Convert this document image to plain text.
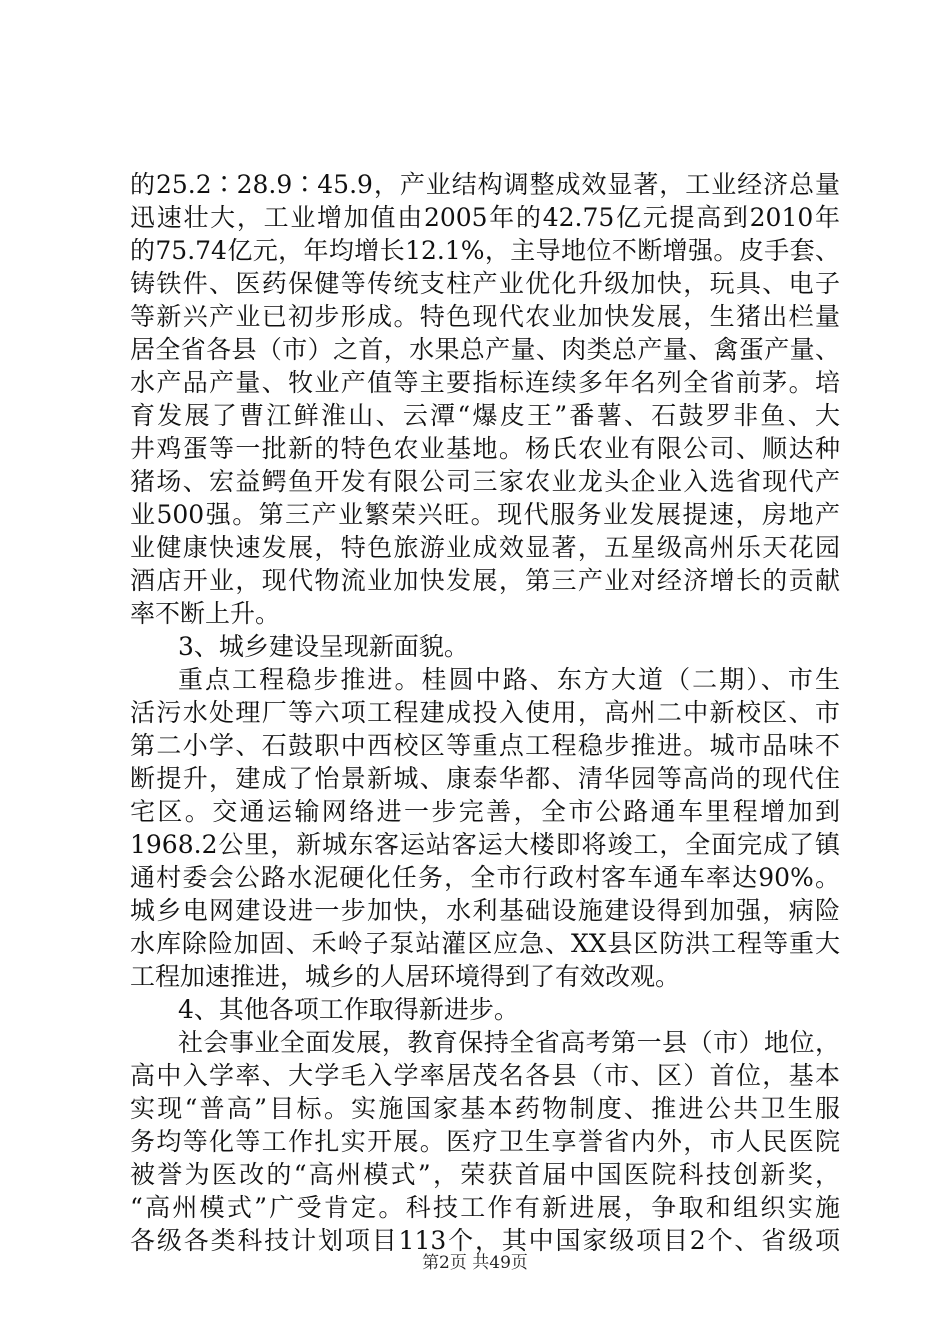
的25.2∶28.9∶45.9，产业结构调整成效显著，工业经济总量
迅速壮大，工业增加值由2005年的42.75亿元提高到2010年
的75.74亿元，年均增长12.1%，主导地位不断增强。皮手套、
铸铁件、医药保健等传统支柱产业优化升级加快，玩具、电子
等新兴产业已初步形成。特色现代农业加快发展，生猪出栏量
居全省各县（市）之首，水果总产量、肉类总产量、禽蛋产量、
水产品产量、牧业产值等主要指标连续多年名列全省前茅。培
育发展了曹江鲜淮山、云潭“爆皮王”番薯、石鼓罗非鱼、大
井鸡蛋等一批新的特色农业基地。杨氏农业有限公司、顺达种
猪场、宏益鳄鱼开发有限公司三家农业龙头企业入选省现代产
业500强。第三产业繁荣兴旺。现代服务业发展提速，房地产
业健康快速发展，特色旅游业成效显著，五星级高州乐天花园
酒店开业，现代物流业加快发展，第三产业对经济增长的贡献
率不断上升。
3、城乡建设呈现新面貌。
重点工程稳步推进。桂圆中路、东方大道（二期）、市生
活污水处理厂等六项工程建成投入使用，高州二中新校区、市
第二小学、石鼓职中西校区等重点工程稳步推进。城市品味不
断提升，建成了怡景新城、康泰华都、清华园等高尚的现代住
宅区。交通运输网络进一步完善，全市公路通车里程增加到
1968.2公里，新城东客运站客运大楼即将竣工，全面完成了镇
通村委会公路水泥硬化任务，全市行政村客车通车率达90%。
城乡电网建设进一步加快，水利基础设施建设得到加强，病险
水库除险加固、禾岭子泵站灌区应急、XX县区防洪工程等重大
工程加速推进，城乡的人居环境得到了有效改观。
4、其他各项工作取得新进步。
社会事业全面发展，教育保持全省高考第一县（市）地位，
高中入学率、大学毛入学率居茂名各县（市、区）首位，基本
实现“普高”目标。实施国家基本药物制度、推进公共卫生服
务均等化等工作扎实开展。医疗卫生享誉省内外，市人民医院
被誉为医改的“高州模式”，荣获首届中国医院科技创新奖，
“高州模式”广受肯定。科技工作有新进展，争取和组织实施
各级各类科技计划项目113个，其中国家级项目2个、省级项
第2页 共49页
